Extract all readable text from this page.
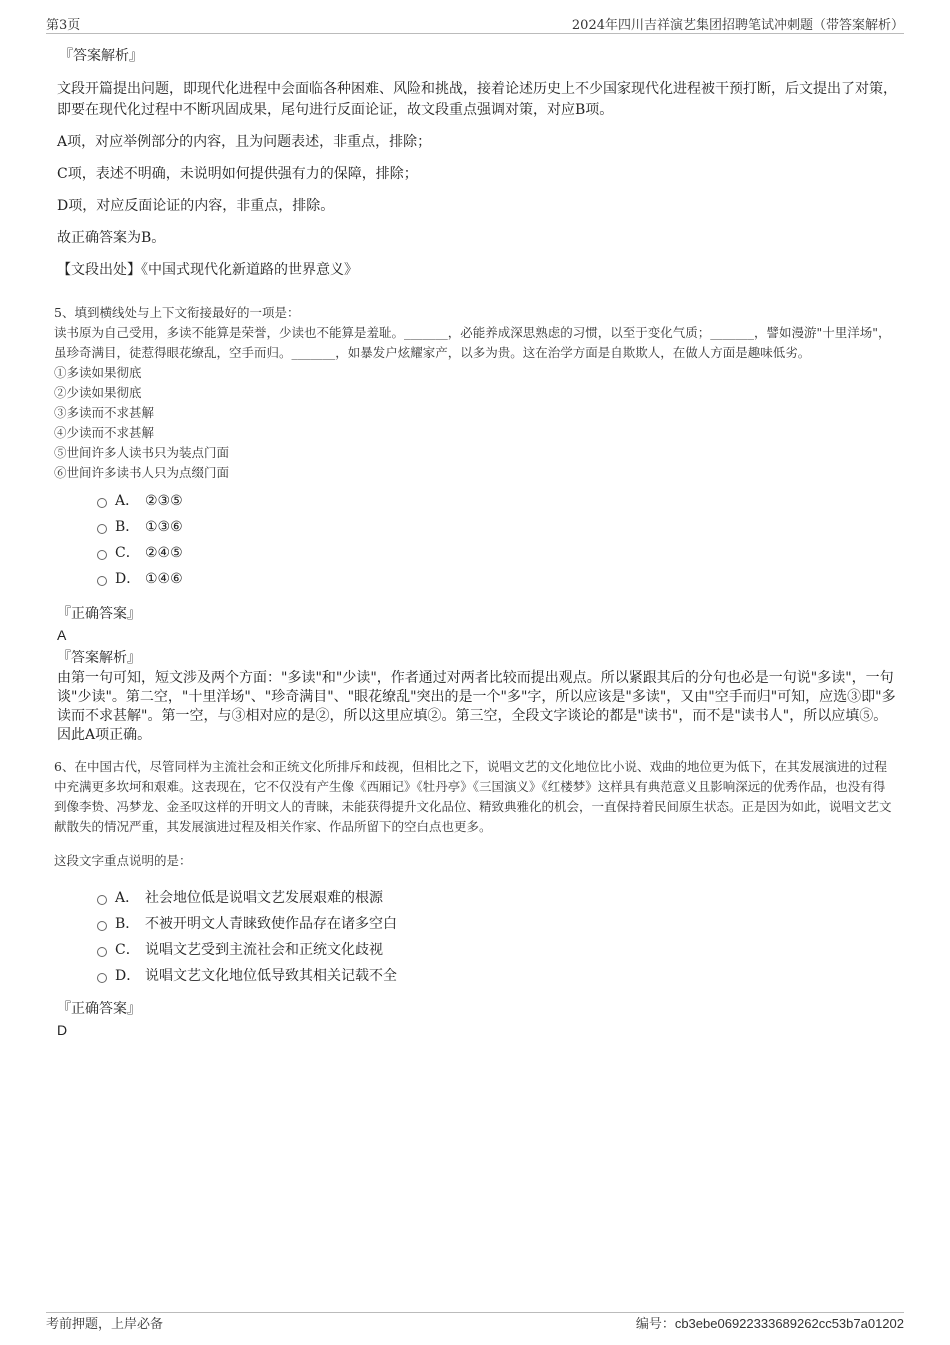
第3页	2024年四川吉祥演艺集团招聘笔试冲刺题（带答案解析）

『答案解析』

文段开篇提出问题，即现代化进程中会面临各种困难、风险和挑战，接着论述历史上不少国家现代化进程被干预打断，后文提出了对策，即要在现代化过程中不断巩固成果，尾句进行反面论证，故文段重点强调对策，对应B项。

A项，对应举例部分的内容，且为问题表述，非重点，排除；

C项，表述不明确，未说明如何提供强有力的保障，排除；

D项，对应反面论证的内容，非重点，排除。

故正确答案为B。

【文段出处】《中国式现代化新道路的世界意义》

5、填到横线处与上下文衔接最好的一项是：

读书原为自己受用，多读不能算是荣誉，少读也不能算是羞耻。_______，必能养成深思熟虑的习惯，以至于变化气质；_______，譬如漫游"十里洋场"，虽珍奇满目，徒惹得眼花缭乱，空手而归。_______，如暴发户炫耀家产，以多为贵。这在治学方面是自欺欺人，在做人方面是趣味低劣。

①多读如果彻底

②少读如果彻底

③多读而不求甚解

④少读而不求甚解

⑤世间许多人读书只为装点门面

⑥世间许多读书人只为点缀门面

A． ②③⑤
B． ①③⑥
C． ②④⑤
D． ①④⑥

『正确答案』

A

『答案解析』

由第一句可知，短文涉及两个方面："多读"和"少读"，作者通过对两者比较而提出观点。所以紧跟其后的分句也必是一句说"多读"，一句谈"少读"。第二空，"十里洋场"、"珍奇满目"、"眼花缭乱"突出的是一个"多"字，所以应该是"多读"，又由"空手而归"可知，应选③即"多读而不求甚解"。第一空，与③相对应的是②，所以这里应填②。第三空，全段文字谈论的都是"读书"，而不是"读书人"，所以应填⑤。因此A项正确。

6、在中国古代，尽管同样为主流社会和正统文化所排斥和歧视，但相比之下，说唱文艺的文化地位比小说、戏曲的地位更为低下，在其发展演进的过程中充满更多坎坷和艰难。这表现在，它不仅没有产生像《西厢记》《牡丹亭》《三国演义》《红楼梦》这样具有典范意义且影响深远的优秀作品，也没有得到像李贽、冯梦龙、金圣叹这样的开明文人的青睐，未能获得提升文化品位、精致典雅化的机会，一直保持着民间原生状态。正是因为如此，说唱文艺文献散失的情况严重，其发展演进过程及相关作家、作品所留下的空白点也更多。

这段文字重点说明的是：

A． 社会地位低是说唱文艺发展艰难的根源
B． 不被开明文人青睐致使作品存在诸多空白
C． 说唱文艺受到主流社会和正统文化歧视
D． 说唱文艺文化地位低导致其相关记载不全

『正确答案』

D

考前押题，上岸必备	编号：cb3ebe06922333689262cc53b7a01202
